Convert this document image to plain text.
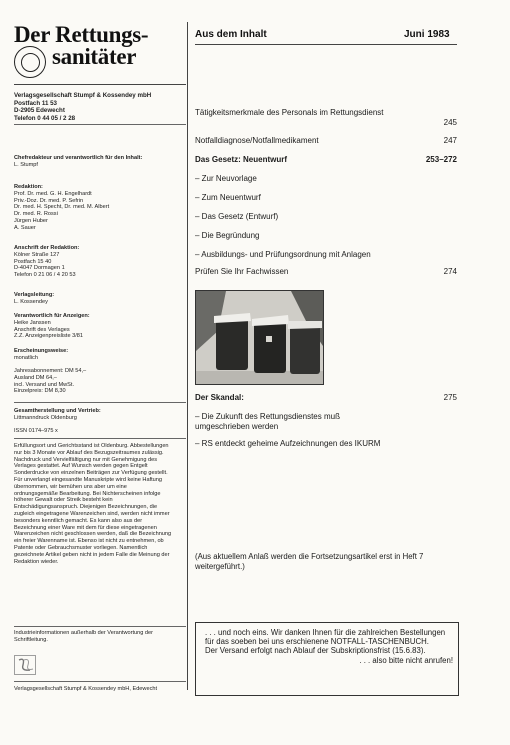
Der Rettungs-
sanitäter
Verlagsgesellschaft Stumpf & Kossendey mbH
Postfach 11 53
D-2905 Edewecht
Telefon 0 44 05 / 2 28
Chefredakteur und verantwortlich für den Inhalt:
L. Stumpf
Redaktion:
Prof. Dr. med. G. H. Engelhardt
Priv.-Doz. Dr. med. P. Sefrin
Dr. med. H. Specht, Dr. med. M. Albert
Dr. med. R. Rossi
Jürgen Huber
A. Sauer
Anschrift der Redaktion:
Kölner Straße 127
Postfach 15 40
D-4047 Dormagen 1
Telefon 0 21 06 / 4 20 53
Verlagsleitung:
L. Kossendey
Verantwortlich für Anzeigen:
Heike Janssen
Anschrift des Verlages
Z.Z. Anzeigenpreisliste 3/81
Erscheinungsweise:
monatlich
Jahresabonnement: DM 54,–
Ausland DM 64,–
incl. Versand und MwSt.
Einzelpreis: DM 8,30
Gesamtherstellung und Vertrieb:
Littmanndruck Oldenburg
ISSN 0174–975 x
Erfüllungsort und Gerichtsstand ist Oldenburg. Abbestellungen nur bis 3 Monate vor Ablauf des Bezugszeitraumes zulässig. Nachdruck und Vervielfältigung nur mit Genehmigung des Verlages gestattet. Auf Wunsch werden gegen Entgelt Sonderdrucke von einzelnen Beiträgen zur Verfügung gestellt. Für unverlangt eingesandte Manuskripte wird keine Haftung übernommen, wir bemühen uns aber um eine ordnungsgemäße Bearbeitung. Bei Nichterscheinen infolge höherer Gewalt oder Streik besteht kein Entschädigungsanspruch. Diejenigen Bezeichnungen, die zugleich eingetragene Warenzeichen sind, werden nicht immer besonders kenntlich gemacht. Es kann also aus der Bezeichnung einer Ware mit dem für diese eingetragenen Warenzeichen nicht geschlossen werden, daß die Bezeichnung ein freier Warenname ist. Ebenso ist nicht zu entnehmen, ob Patente oder Gebrauchsmuster vorliegen. Namentlich gezeichnete Artikel geben nicht in jedem Falle die Meinung der Redaktion wieder.
Industrieinformationen außerhalb der Verantwortung der Schriftleitung.
Verlagsgesellschaft Stumpf & Kossendey mbH, Edewecht
Aus dem Inhalt	Juni 1983
Tätigkeitsmerkmale des Personals im Rettungsdienst
245
Notfalldiagnose/Notfallmedikament	247
Das Gesetz: Neuentwurf	253–272
– Zur Neuvorlage
– Zum Neuentwurf
– Das Gesetz (Entwurf)
– Die Begründung
– Ausbildungs- und Prüfungsordnung mit Anlagen
Prüfen Sie Ihr Fachwissen	274
Der Skandal:	275
– Die Zukunft des Rettungsdienstes muß umgeschrieben werden
– RS entdeckt geheime Aufzeichnungen des IKURM
(Aus aktuellem Anlaß werden die Fortsetzungsartikel erst in Heft 7 weitergeführt.)
. . . und noch eins. Wir danken Ihnen für die zahlreichen Bestellungen für das soeben bei uns erschienene NOTFALL-TASCHENBUCH.
Der Versand erfolgt nach Ablauf der Subskriptionsfrist (15.6.83).
. . . also bitte nicht anrufen!
